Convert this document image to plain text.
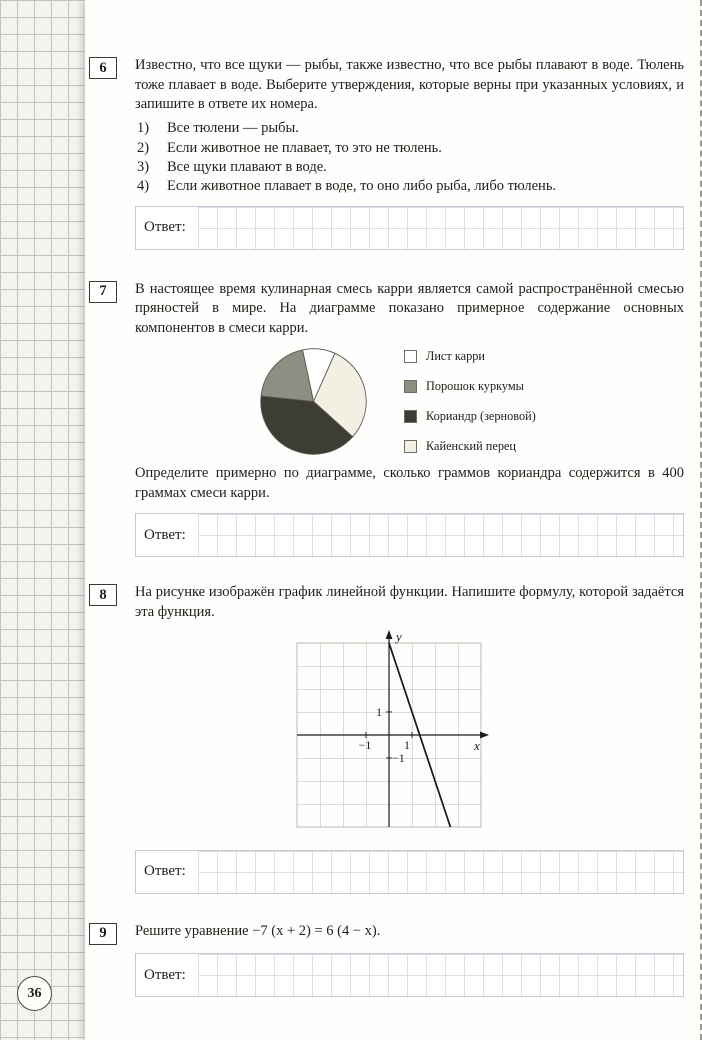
6	Известно, что все щуки — рыбы, также известно, что все рыбы плавают в воде. Тюлень тоже плавает в воде. Выберите утверждения, которые верны при указанных условиях, и запишите в ответе их номера.

1)	Все тюлени — рыбы.
2)	Если животное не плавает, то это не тюлень.
3)	Все щуки плавают в воде.
4)	Если животное плавает в воде, то оно либо рыба, либо тюлень.
Ответ:
7	В настоящее время кулинарная смесь карри является самой распространённой смесью пряностей в мире. На диаграмме показано примерное содержание основных компонентов в смеси карри.

Лист карри
Порошок куркумы
Кориандр (зерновой)
Кайенский перец

Определите примерно по диаграмме, сколько граммов кориандра содержится в 400 граммах смеси карри.

Ответ:
8	На рисунке изображён график линейной функции. Напишите формулу, которой задаётся эта функция.

y
x
1
−1	1
−1
Ответ:
9	Решите уравнение −7 (x + 2) = 6 (4 − x).

Ответ:
36
